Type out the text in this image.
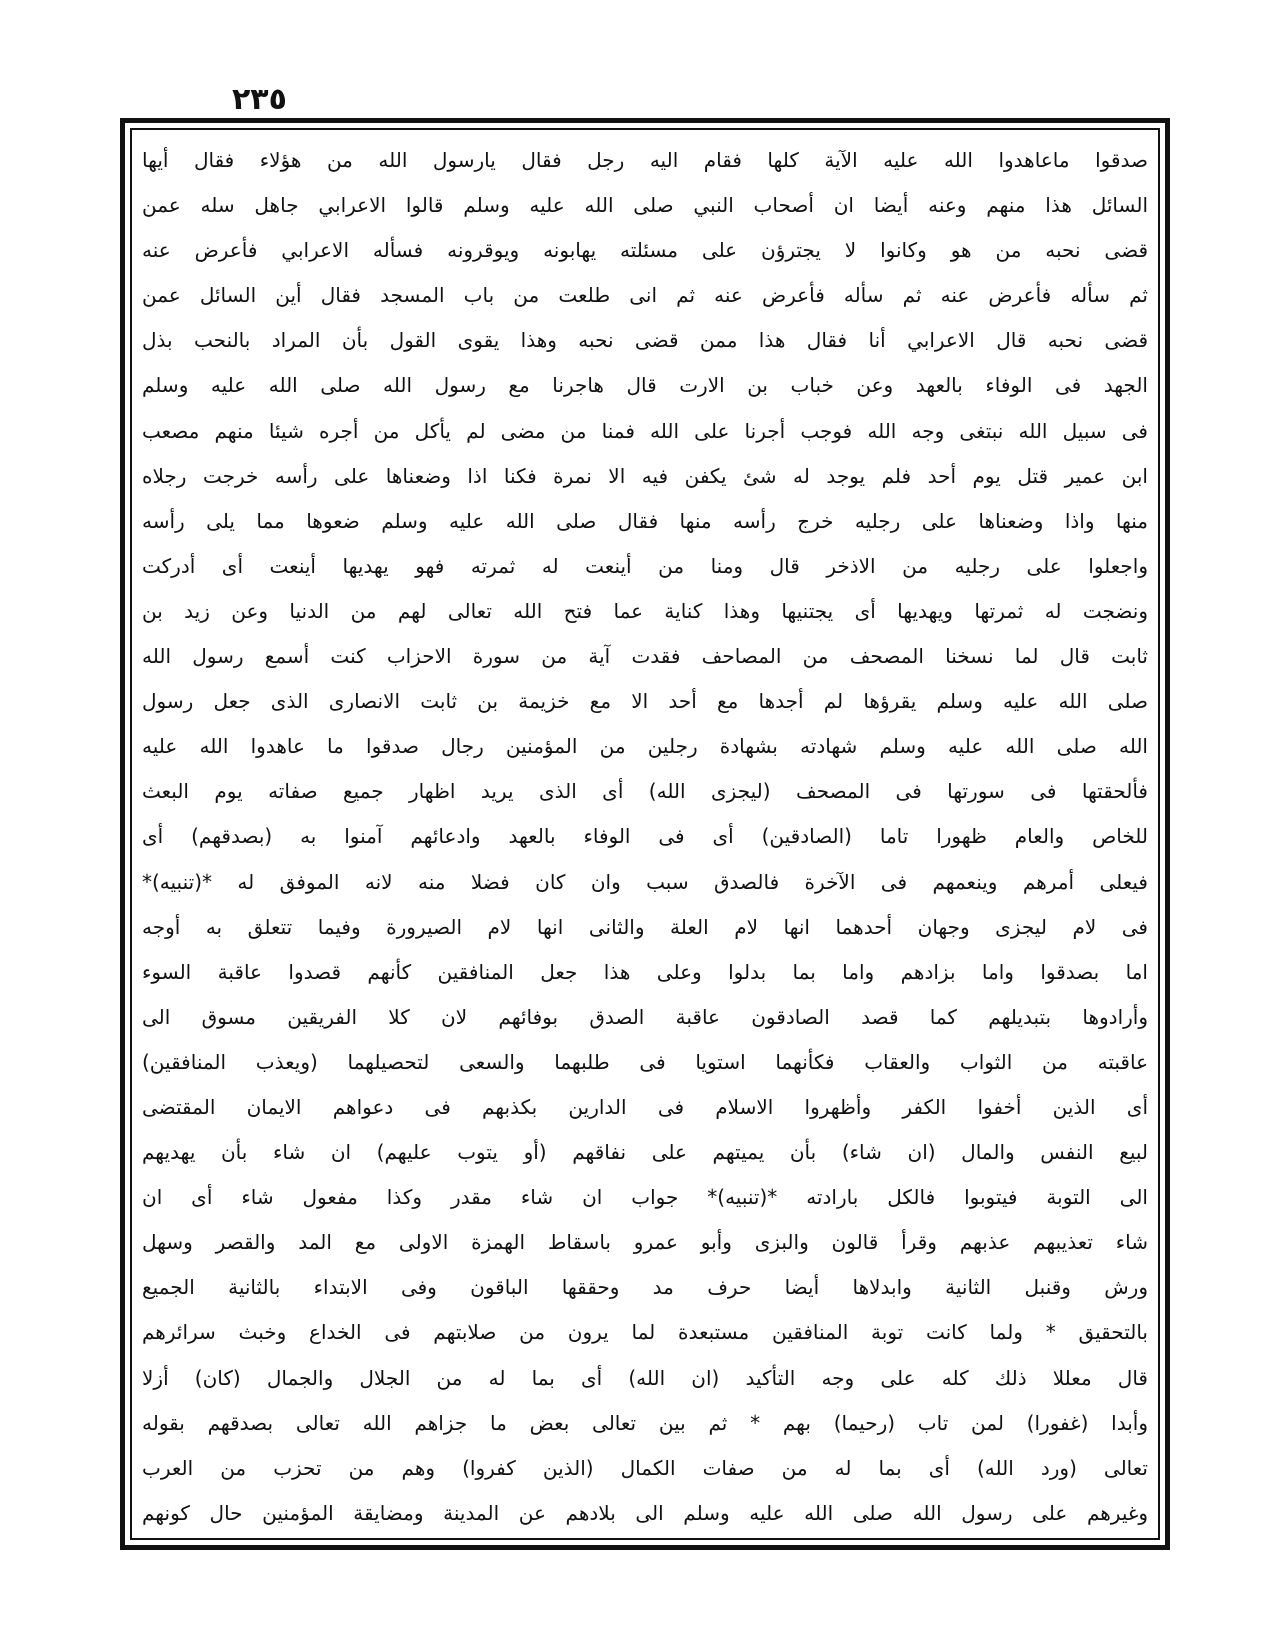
٢٣٥
صدقوا ماعاهدوا الله عليه الآية كلها فقام اليه رجل فقال يارسول الله من هؤلاء فقال أيها
السائل هذا منهم وعنه أيضا ان أصحاب النبي صلى الله عليه وسلم قالوا الاعرابي جاهل سله عمن
قضى نحبه من هو وكانوا لا يجترؤن على مسئلته يهابونه ويوقرونه فسأله الاعرابي فأعرض عنه
ثم سأله فأعرض عنه ثم سأله فأعرض عنه ثم انى طلعت من باب المسجد فقال أين السائل عمن
قضى نحبه قال الاعرابي أنا فقال هذا ممن قضى نحبه وهذا يقوى القول بأن المراد بالنحب بذل
الجهد فى الوفاء بالعهد وعن خباب بن الارت قال هاجرنا مع رسول الله صلى الله عليه وسلم
فى سبيل الله نبتغى وجه الله فوجب أجرنا على الله فمنا من مضى لم يأكل من أجره شيئا منهم مصعب
ابن عمير قتل يوم أحد فلم يوجد له شئ يكفن فيه الا نمرة فكنا اذا وضعناها على رأسه خرجت رجلاه
منها واذا وضعناها على رجليه خرج رأسه منها فقال صلى الله عليه وسلم ضعوها مما يلى رأسه
واجعلوا على رجليه من الاذخر قال ومنا من أينعت له ثمرته فهو يهديها أينعت أى أدركت
ونضجت له ثمرتها ويهديها أى يجتنيها وهذا كناية عما فتح الله تعالى لهم من الدنيا وعن زيد بن
ثابت قال لما نسخنا المصحف من المصاحف فقدت آية من سورة الاحزاب كنت أسمع رسول الله
صلى الله عليه وسلم يقرؤها لم أجدها مع أحد الا مع خزيمة بن ثابت الانصارى الذى جعل رسول
الله صلى الله عليه وسلم شهادته بشهادة رجلين من المؤمنين رجال صدقوا ما عاهدوا الله عليه
فألحقتها فى سورتها فى المصحف (ليجزى الله) أى الذى يريد اظهار جميع صفاته يوم البعث
للخاص والعام ظهورا تاما (الصادقين) أى فى الوفاء بالعهد وادعائهم آمنوا به (بصدقهم) أى
فيعلى أمرهم وينعمهم فى الآخرة فالصدق سبب وان كان فضلا منه لانه الموفق له *(تنبيه)*
فى لام ليجزى وجهان أحدهما انها لام العلة والثانى انها لام الصيرورة وفيما تتعلق به أوجه
اما بصدقوا واما بزادهم واما بما بدلوا وعلى هذا جعل المنافقين كأنهم قصدوا عاقبة السوء
وأرادوها بتبديلهم كما قصد الصادقون عاقبة الصدق بوفائهم لان كلا الفريقين مسوق الى
عاقبته من الثواب والعقاب فكأنهما استويا فى طلبهما والسعى لتحصيلهما (ويعذب المنافقين)
أى الذين أخفوا الكفر وأظهروا الاسلام فى الدارين بكذبهم فى دعواهم الايمان المقتضى
لبيع النفس والمال (ان شاء) بأن يميتهم على نفاقهم (أو يتوب عليهم) ان شاء بأن يهديهم
الى التوبة فيتوبوا فالكل بارادته *(تنبيه)* جواب ان شاء مقدر وكذا مفعول شاء أى ان
شاء تعذيبهم عذبهم وقرأ قالون والبزى وأبو عمرو باسقاط الهمزة الاولى مع المد والقصر وسهل
ورش وقنبل الثانية وابدلاها أيضا حرف مد وحققها الباقون وفى الابتداء بالثانية الجميع
بالتحقيق * ولما كانت توبة المنافقين مستبعدة لما يرون من صلابتهم فى الخداع وخبث سرائرهم
قال معللا ذلك كله على وجه التأكيد (ان الله) أى بما له من الجلال والجمال (كان) أزلا
وأبدا (غفورا) لمن تاب (رحيما) بهم * ثم بين تعالى بعض ما جزاهم الله تعالى بصدقهم بقوله
تعالى (ورد الله) أى بما له من صفات الكمال (الذين كفروا) وهم من تحزب من العرب
وغيرهم على رسول الله صلى الله عليه وسلم الى بلادهم عن المدينة ومضايقة المؤمنين حال كونهم
